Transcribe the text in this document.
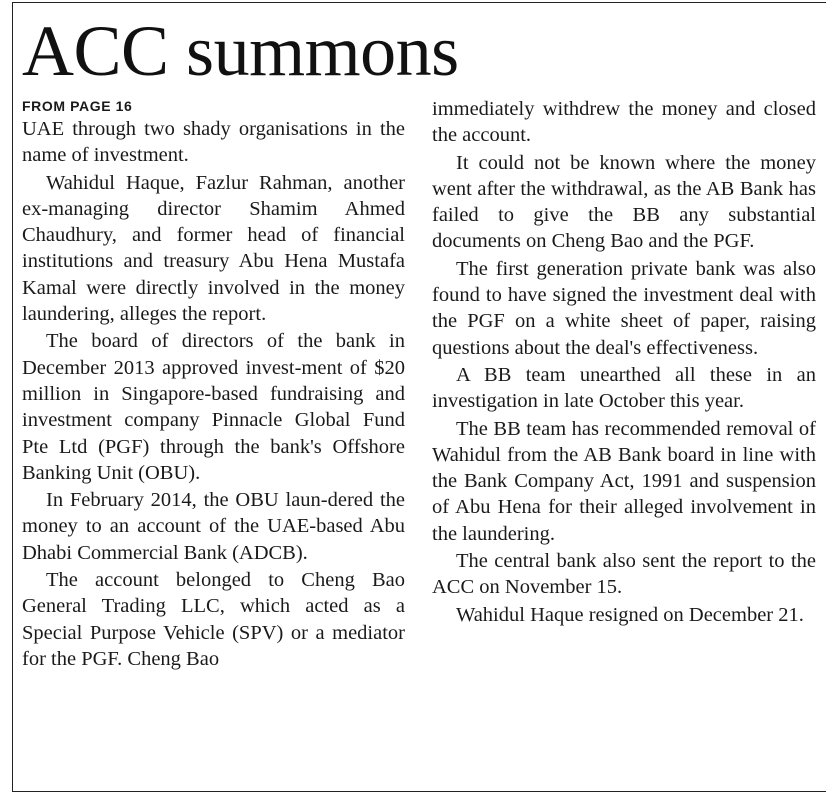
ACC summons
FROM PAGE 16

UAE through two shady organisations in the name of investment.

Wahidul Haque, Fazlur Rahman, another ex-managing director Shamim Ahmed Chaudhury, and former head of financial institutions and treasury Abu Hena Mustafa Kamal were directly involved in the money laundering, alleges the report.

The board of directors of the bank in December 2013 approved invest-ment of $20 million in Singapore-based fundraising and investment company Pinnacle Global Fund Pte Ltd (PGF) through the bank's Offshore Banking Unit (OBU).

In February 2014, the OBU laun-dered the money to an account of the UAE-based Abu Dhabi Commercial Bank (ADCB).

The account belonged to Cheng Bao General Trading LLC, which acted as a Special Purpose Vehicle (SPV) or a mediator for the PGF. Cheng Bao

immediately withdrew the money and closed the account.

It could not be known where the money went after the withdrawal, as the AB Bank has failed to give the BB any substantial documents on Cheng Bao and the PGF.

The first generation private bank was also found to have signed the investment deal with the PGF on a white sheet of paper, raising questions about the deal's effectiveness.

A BB team unearthed all these in an investigation in late October this year.

The BB team has recommended removal of Wahidul from the AB Bank board in line with the Bank Company Act, 1991 and suspension of Abu Hena for their alleged involvement in the laundering.

The central bank also sent the report to the ACC on November 15.

Wahidul Haque resigned on December 21.
